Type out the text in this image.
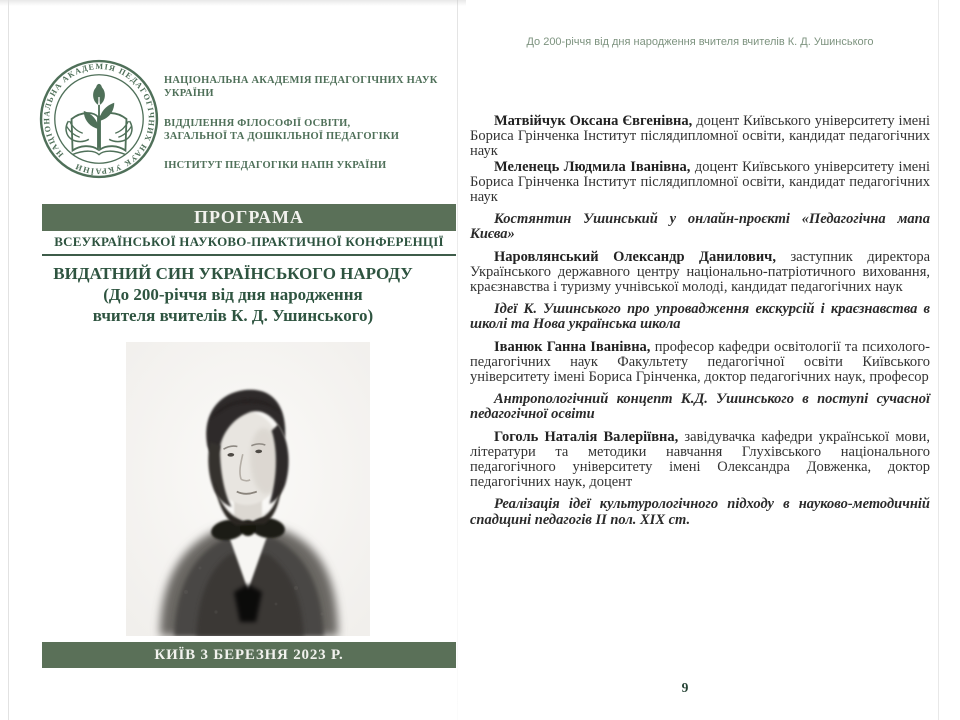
НАЦІОНАЛЬНА АКАДЕМІЯ ПЕДАГОГІЧНИХ НАУК УКРАЇНИ

НАЦІОНАЛЬНА АКАДЕМІЯ ПЕДАГОГІЧНИХ НАУК УКРАЇНИ

ВІДДІЛЕННЯ ФІЛОСОФІЇ ОСВІТИ,
ЗАГАЛЬНОЇ ТА ДОШКІЛЬНОЇ ПЕДАГОГІКИ

ІНСТИТУТ ПЕДАГОГІКИ НАПН УКРАЇНИ

ПРОГРАМА
ВСЕУКРАЇНСЬКОЇ НАУКОВО-ПРАКТИЧНОЇ КОНФЕРЕНЦІЇ
ВИДАТНИЙ СИН УКРАЇНСЬКОГО НАРОДУ
(До 200-річчя від дня народження
вчителя вчителів К. Д. Ушинського)
КИЇВ 3 БЕРЕЗНЯ 2023 Р.
До 200-річчя від дня народження вчителя вчителів К. Д. Ушинського

Матвійчук Оксана Євгенівна, доцент Київського університету імені Бориса Грінченка Інститут післядипломної освіти, кандидат педагогічних наук

Меленець Людмила Іванівна, доцент Київського університету імені Бориса Грінченка Інститут післядипломної освіти, кандидат педагогічних наук

Костянтин Ушинський у онлайн-проєкті «Педагогічна мапа Києва»

Наровлянський Олександр Данилович, заступник директора Українського державного центру національно-патріотичного виховання, краєзнавства і туризму учнівської молоді, кандидат педагогічних наук

Ідеї К. Ушинського про упровадження екскурсій і краєзнавства в школі та Нова українська школа

Іванюк Ганна Іванівна, професор кафедри освітології та психолого-педагогічних наук Факультету педагогічної освіти Київського університету імені Бориса Грінченка, доктор педагогічних наук, професор

Антропологічний концепт К.Д. Ушинського в поступі сучасної педагогічної освіти

Гоголь Наталія Валеріївна, завідувачка кафедри української мови, літератури та методики навчання Глухівського національного педагогічного університету імені Олександра Довженка, доктор педагогічних наук, доцент

Реалізація ідеї культурологічного підходу в науково-методичній спадщині педагогів II пол. XIX ст.

9
